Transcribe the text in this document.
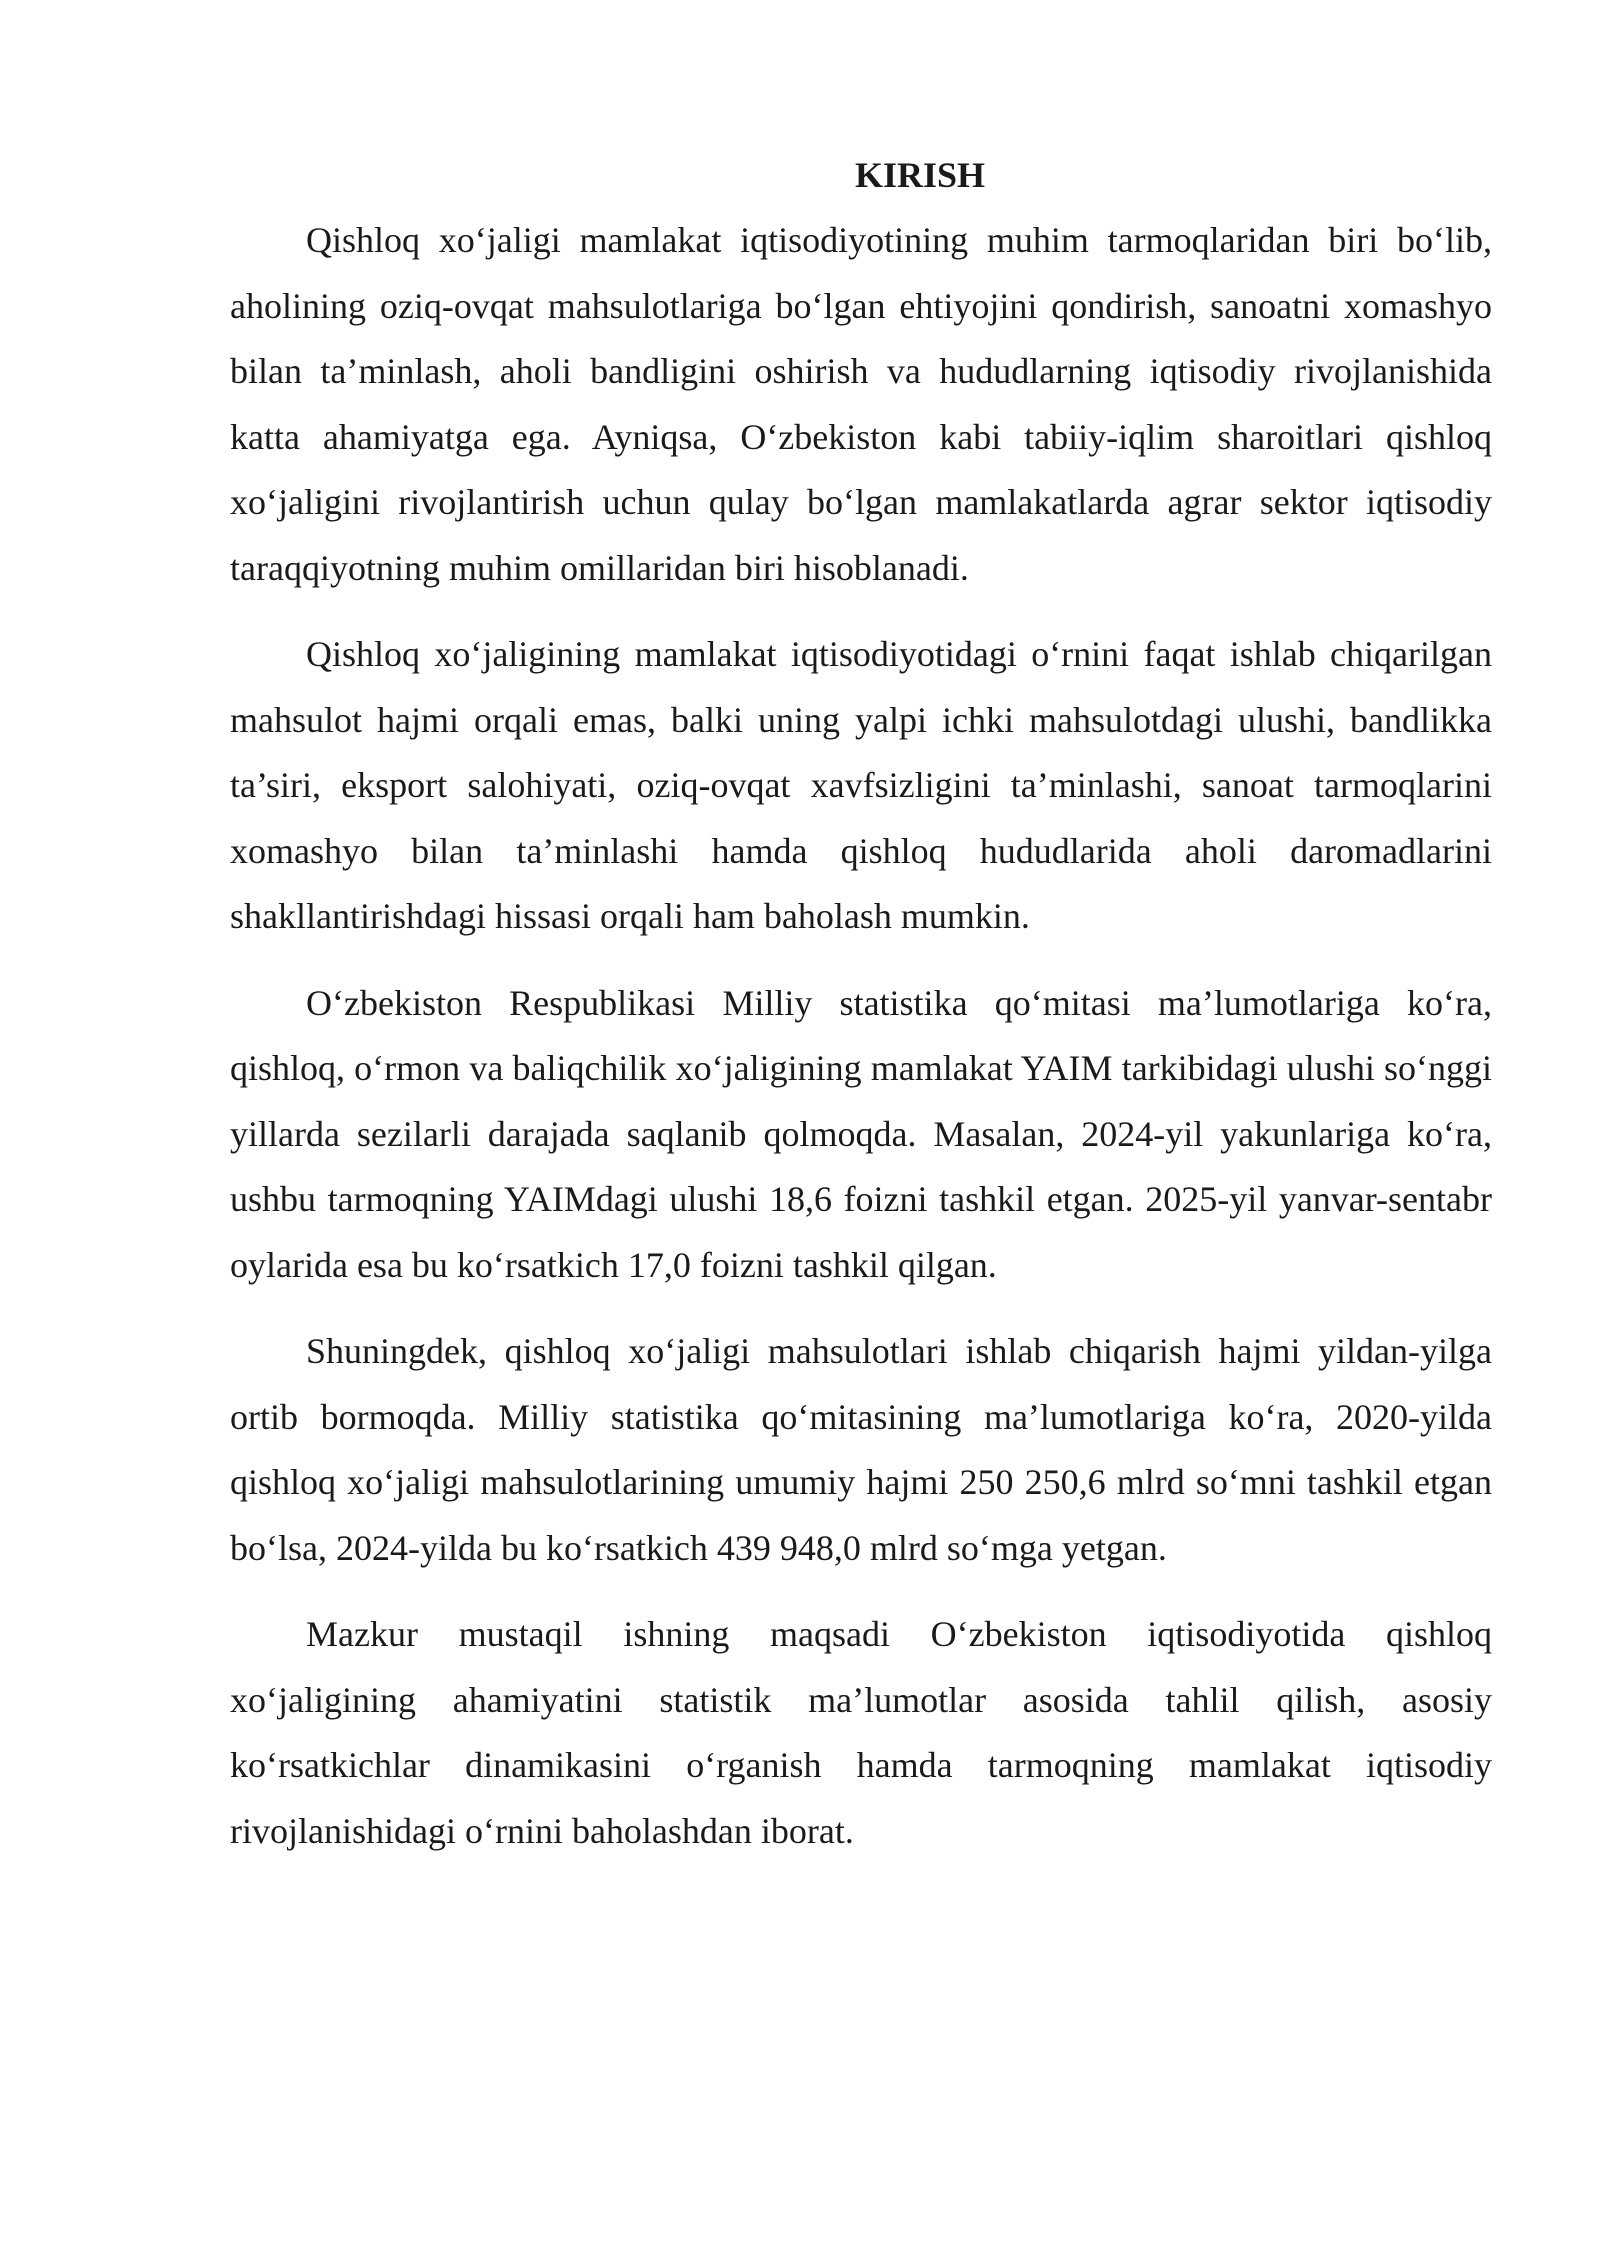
KIRISH

Qishloq xo‘jaligi mamlakat iqtisodiyotining muhim tarmoqlaridan biri bo‘lib, aholining oziq-ovqat mahsulotlariga bo‘lgan ehtiyojini qondirish, sanoatni xomashyo bilan ta’minlash, aholi bandligini oshirish va hududlarning iqtisodiy rivojlanishida katta ahamiyatga ega. Ayniqsa, O‘zbekiston kabi tabiiy-iqlim sharoitlari qishloq xo‘jaligini rivojlantirish uchun qulay bo‘lgan mamlakatlarda agrar sektor iqtisodiy taraqqiyotning muhim omillaridan biri hisoblanadi.

Qishloq xo‘jaligining mamlakat iqtisodiyotidagi o‘rnini faqat ishlab chiqarilgan mahsulot hajmi orqali emas, balki uning yalpi ichki mahsulotdagi ulushi, bandlikka ta’siri, eksport salohiyati, oziq-ovqat xavfsizligini ta’minlashi, sanoat tarmoqlarini xomashyo bilan ta’minlashi hamda qishloq hududlarida aholi daromadlarini shakllantirishdagi hissasi orqali ham baholash mumkin.

O‘zbekiston Respublikasi Milliy statistika qo‘mitasi ma’lumotlariga ko‘ra, qishloq, o‘rmon va baliqchilik xo‘jaligining mamlakat YAIM tarkibidagi ulushi so‘nggi yillarda sezilarli darajada saqlanib qolmoqda. Masalan, 2024-yil yakunlariga ko‘ra, ushbu tarmoqning YAIMdagi ulushi 18,6 foizni tashkil etgan. 2025-yil yanvar-sentabr oylarida esa bu ko‘rsatkich 17,0 foizni tashkil qilgan.

Shuningdek, qishloq xo‘jaligi mahsulotlari ishlab chiqarish hajmi yildan-yilga ortib bormoqda. Milliy statistika qo‘mitasining ma’lumotlariga ko‘ra, 2020-yilda qishloq xo‘jaligi mahsulotlarining umumiy hajmi 250 250,6 mlrd so‘mni tashkil etgan bo‘lsa, 2024-yilda bu ko‘rsatkich 439 948,0 mlrd so‘mga yetgan.

Mazkur mustaqil ishning maqsadi O‘zbekiston iqtisodiyotida qishloq xo‘jaligining ahamiyatini statistik ma’lumotlar asosida tahlil qilish, asosiy ko‘rsatkichlar dinamikasini o‘rganish hamda tarmoqning mamlakat iqtisodiy rivojlanishidagi o‘rnini baholashdan iborat.
